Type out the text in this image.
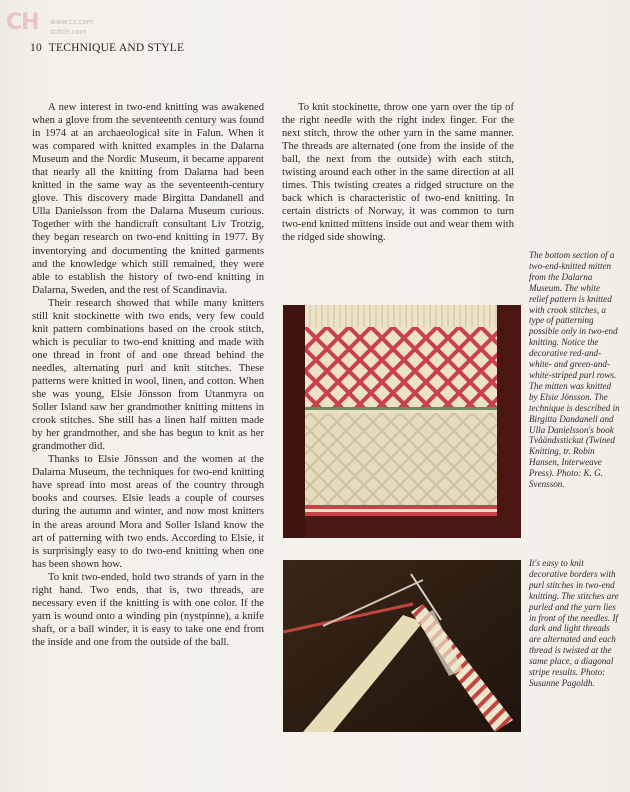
CH www.cs.com
stitch.com
10 TECHNIQUE AND STYLE

A new interest in two-end knitting was awakened when a glove from the seventeenth century was found in 1974 at an archaeological site in Falun. When it was compared with knitted examples in the Dalarna Museum and the Nordic Museum, it became apparent that nearly all the knitting from Dalarna had been knitted in the same way as the seventeenth-century glove. This discovery made Birgitta Dandanell and Ulla Danielsson from the Dalarna Museum curious. Together with the handicraft consultant Liv Trotzig, they began research on two-end knitting in 1977. By inventorying and documenting the knitted garments and the knowledge which still remained, they were able to establish the history of two-end knitting in Dalarna, Sweden, and the rest of Scandinavia.

Their research showed that while many knitters still knit stockinette with two ends, very few could knit pattern combinations based on the crook stitch, which is peculiar to two-end knitting and made with one thread in front of and one thread behind the needles, alternating purl and knit stitches. These patterns were knitted in wool, linen, and cotton. When she was young, Elsie Jönsson from Utanmyra on Soller Island saw her grandmother knitting mittens in crook stitches. She still has a linen half mitten made by her grandmother, and she has begun to knit as her grandmother did.

Thanks to Elsie Jönsson and the women at the Dalarna Museum, the techniques for two-end knitting have spread into most areas of the country through books and courses. Elsie leads a couple of courses during the autumn and winter, and now most knitters in the areas around Mora and Soller Island know the art of patterning with two ends. According to Elsie, it is surprisingly easy to do two-end knitting when one has been shown how.

To knit two-ended, hold two strands of yarn in the right hand. Two ends, that is, two threads, are necessary even if the knitting is with one color. If the yarn is wound onto a winding pin (nystpinne), a knife shaft, or a ball winder, it is easy to take one end from the inside and one from the outside of the ball.

To knit stockinette, throw one yarn over the tip of the right needle with the right index finger. For the next stitch, throw the other yarn in the same manner. The threads are alternated (one from the inside of the ball, the next from the outside) with each stitch, twisting around each other in the same direction at all times. This twisting creates a ridged structure on the back which is characteristic of two-end knitting. In certain districts of Norway, it was common to turn two-end knitted mittens inside out and wear them with the ridged side showing.

The bottom section of a two-end-knitted mitten from the Dalarna Museum. The white relief pattern is knitted with crook stitches, a type of patterning possible only in two-end knitting. Notice the decorative red-and-white- and green-and-white-striped purl rows. The mitten was knitted by Elsie Jönsson. The technique is described in Birgitta Dandanell and Ulla Danielsson's book Tvåändsstickat (Twined Knitting, tr. Robin Hansen, Interweave Press). Photo: K. G. Svensson.
It's easy to knit decorative borders with purl stitches in two-end knitting. The stitches are purled and the yarn lies in front of the needles. If dark and light threads are alternated and each thread is twisted at the same place, a diagonal stripe results. Photo: Susanne Pagoldh.
